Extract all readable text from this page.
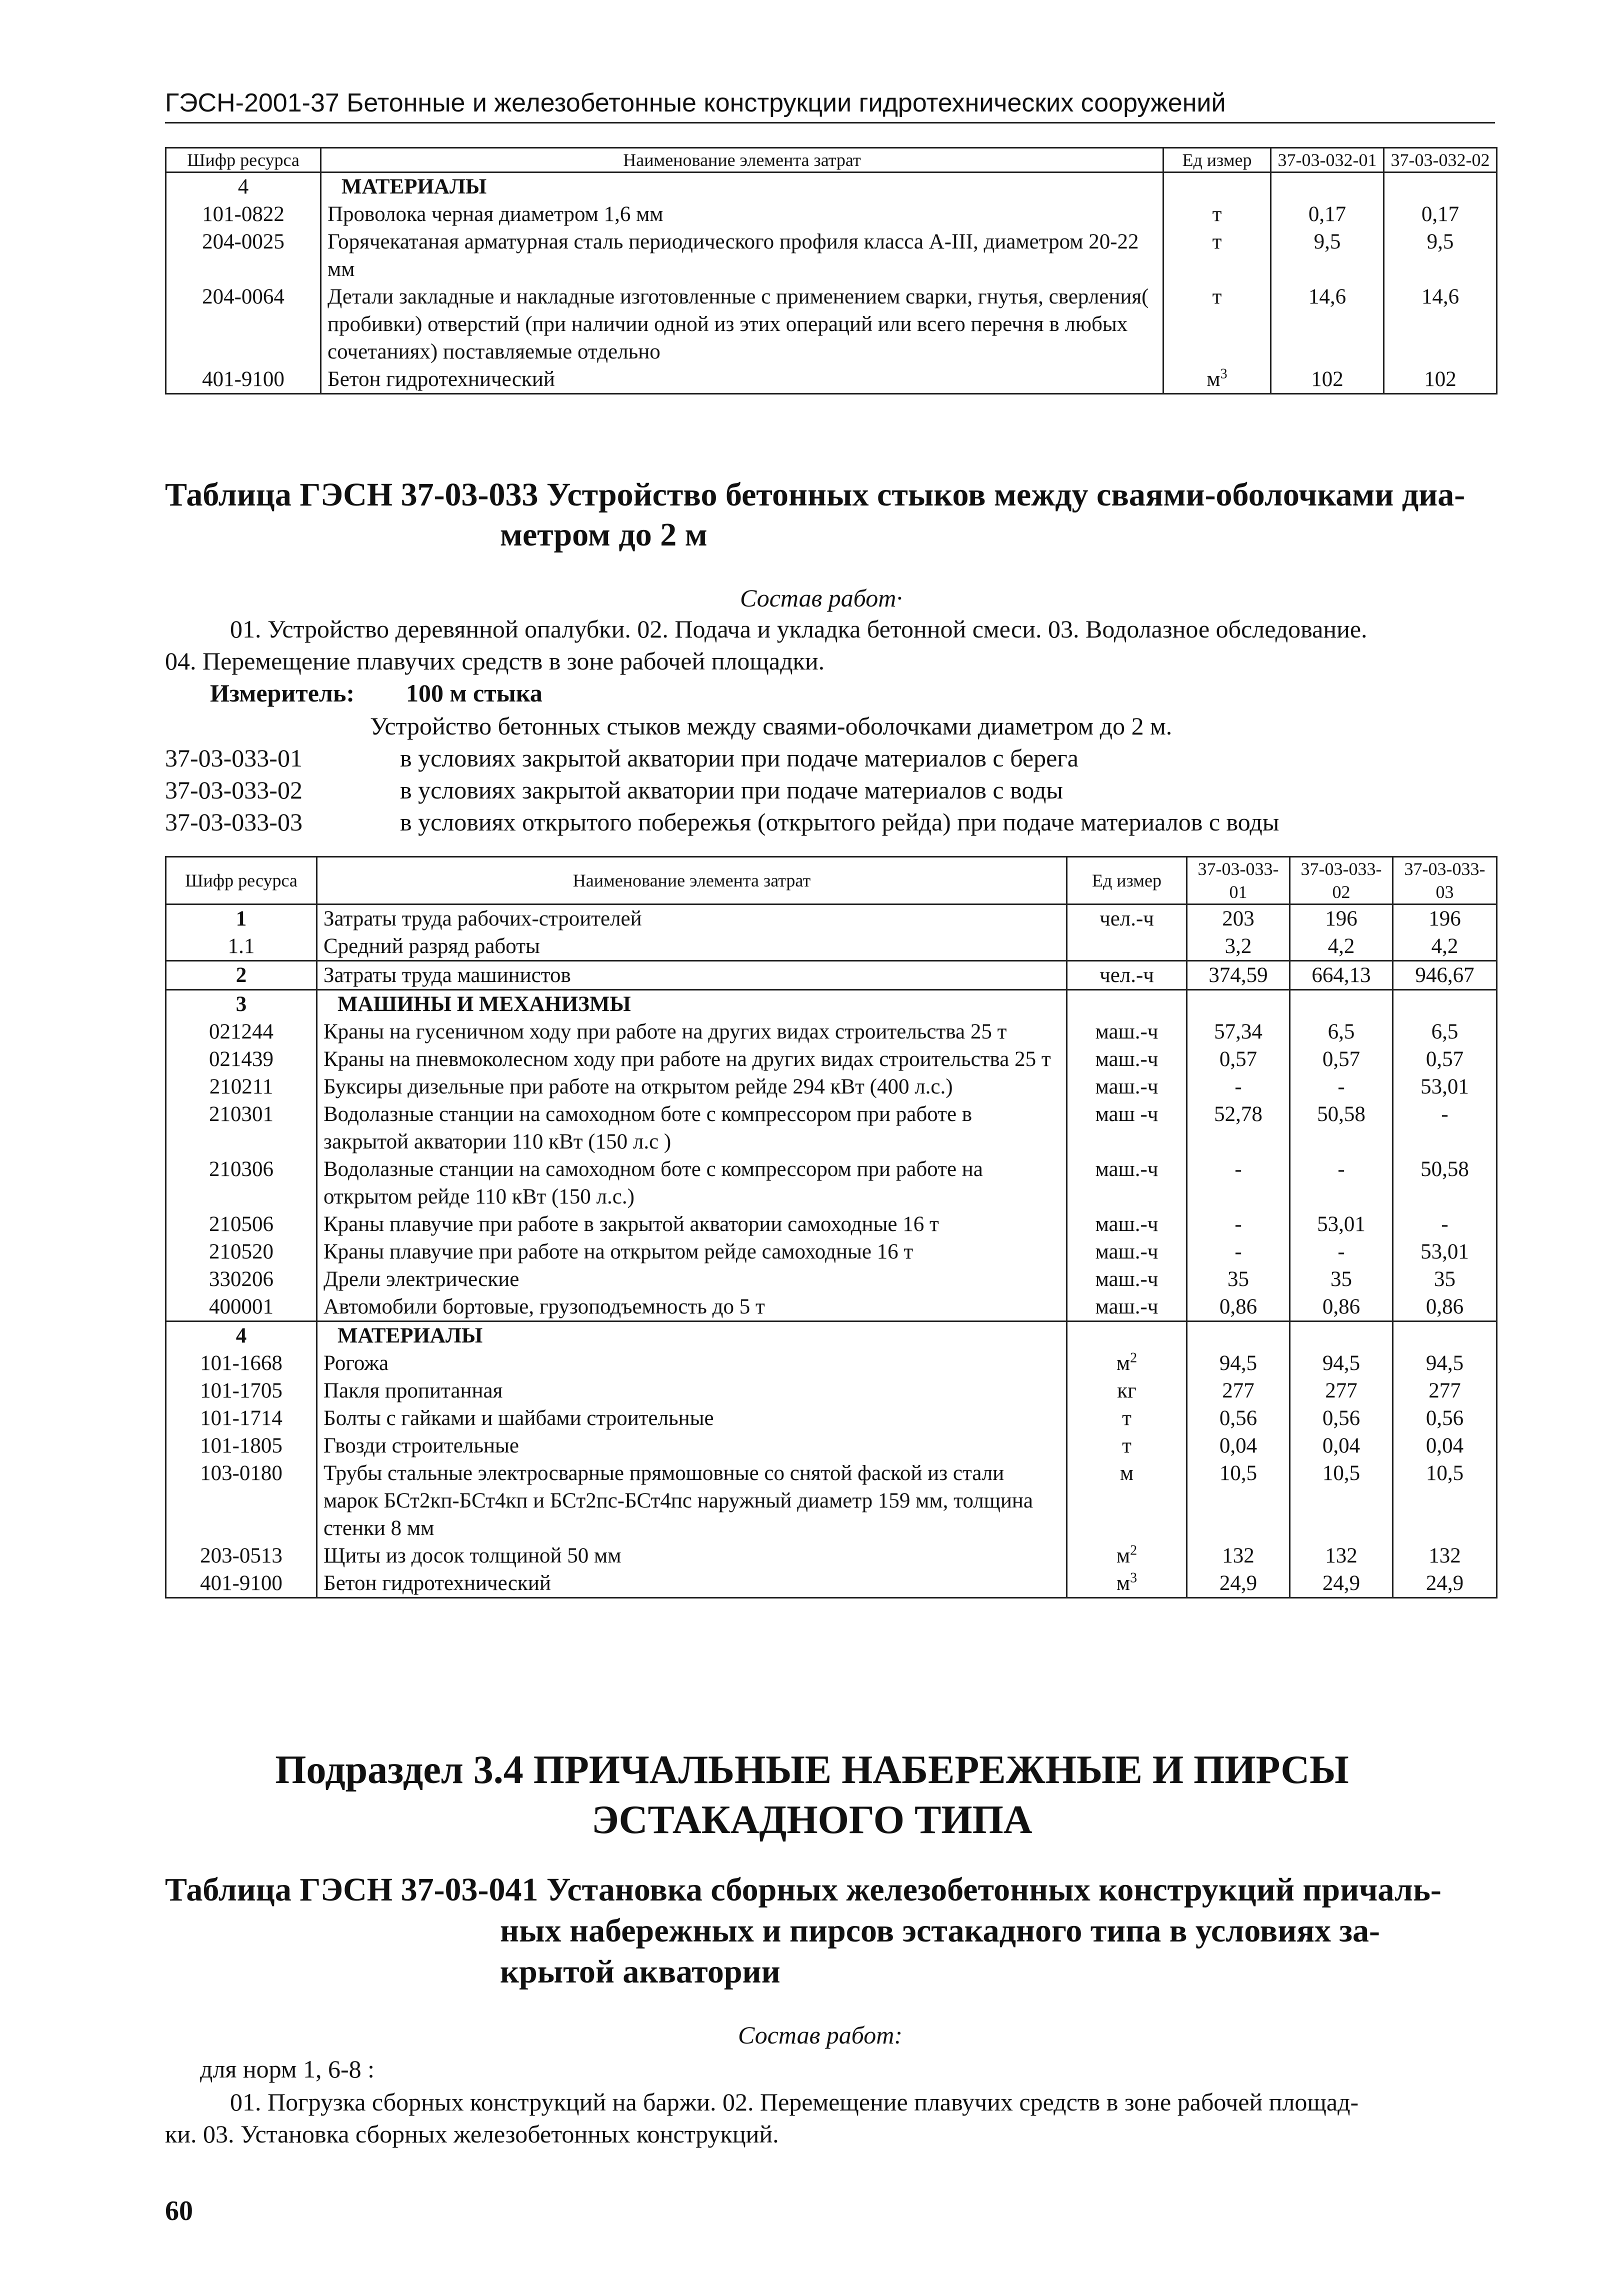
ГЭСН-2001-37 Бетонные и железобетонные конструкции гидротехнических сооружений
Шифр ресурса	Наименование элемента затрат	Ед измер	37-03-032-01	37-03-032-02
4	МАТЕРИАЛЫ			
101-0822	Проволока черная диаметром 1,6 мм	т	0,17	0,17
204-0025	Горячекатаная арматурная сталь периодического профиля класса А-III, диаметром 20-22 мм	т	9,5	9,5
204-0064	Детали закладные и накладные изготовленные с применением сварки, гнутья, сверления( пробивки) отверстий (при наличии одной из этих операций или всего перечня в любых сочетаниях) поставляемые отдельно	т	14,6	14,6
401-9100	Бетон гидротехнический	$м^3$	102	102
Таблица ГЭСН 37-03-033 Устройство бетонных стыков между сваями-оболочками диа-
метром до 2 м
Состав работ·
01. Устройство деревянной опалубки. 02. Подача и укладка бетонной смеси. 03. Водолазное обследование.
04. Перемещение плавучих средств в зоне рабочей площадки.
Измеритель: 100 м стыка
Устройство бетонных стыков между сваями-оболочками диаметром до 2 м.
37-03-033-01	в условиях закрытой акватории при подаче материалов с берега
37-03-033-02	в условиях закрытой акватории при подаче материалов с воды
37-03-033-03	в условиях открытого побережья (открытого рейда) при подаче материалов с воды
Шифр ресурса	Наименование элемента затрат	Ед измер	37-03-033-01	37-03-033-02	37-03-033-03
1	Затраты труда рабочих-строителей	чел.-ч	203	196	196
1.1	Средний разряд работы		3,2	4,2	4,2
2	Затраты труда машинистов	чел.-ч	374,59	664,13	946,67
3	МАШИНЫ И МЕХАНИЗМЫ				
021244	Краны на гусеничном ходу при работе на других видах строительства 25 т	маш.-ч	57,34	6,5	6,5
021439	Краны на пневмоколесном ходу при работе на других видах строительства 25 т	маш.-ч	0,57	0,57	0,57
210211	Буксиры дизельные при работе на открытом рейде 294 кВт (400 л.с.)	маш.-ч	-	-	53,01
210301	Водолазные станции на самоходном боте с компрессором при работе в закрытой акватории 110 кВт (150 л.с )	маш -ч	52,78	50,58	-
210306	Водолазные станции на самоходном боте с компрессором при работе на открытом рейде 110 кВт (150 л.с.)	маш.-ч	-	-	50,58
210506	Краны плавучие при работе в закрытой акватории самоходные 16 т	маш.-ч	-	53,01	-
210520	Краны плавучие при работе на открытом рейде самоходные 16 т	маш.-ч	-	-	53,01
330206	Дрели электрические	маш.-ч	35	35	35
400001	Автомобили бортовые, грузоподъемность до 5 т	маш.-ч	0,86	0,86	0,86
4	МАТЕРИАЛЫ				
101-1668	Рогожа	$м^2$	94,5	94,5	94,5
101-1705	Пакля пропитанная	кг	277	277	277
101-1714	Болты с гайками и шайбами строительные	т	0,56	0,56	0,56
101-1805	Гвозди строительные	т	0,04	0,04	0,04
103-0180	Трубы стальные электросварные прямошовные со снятой фаской из стали марок БСт2кп-БСт4кп и БСт2пс-БСт4пс наружный диаметр 159 мм, толщина стенки 8 мм	м	10,5	10,5	10,5
203-0513	Щиты из досок толщиной 50 мм	$м^2$	132	132	132
401-9100	Бетон гидротехнический	$м^3$	24,9	24,9	24,9
Подраздел 3.4 ПРИЧАЛЬНЫЕ НАБЕРЕЖНЫЕ И ПИРСЫ
ЭСТАКАДНОГО ТИПА
Таблица ГЭСН 37-03-041 Установка сборных железобетонных конструкций причаль-
ных набережных и пирсов эстакадного типа в условиях за-
крытой акватории
Состав работ:
для норм 1, 6-8 :
01. Погрузка сборных конструкций на баржи. 02. Перемещение плавучих средств в зоне рабочей площад-
ки. 03. Установка сборных железобетонных конструкций.
60
